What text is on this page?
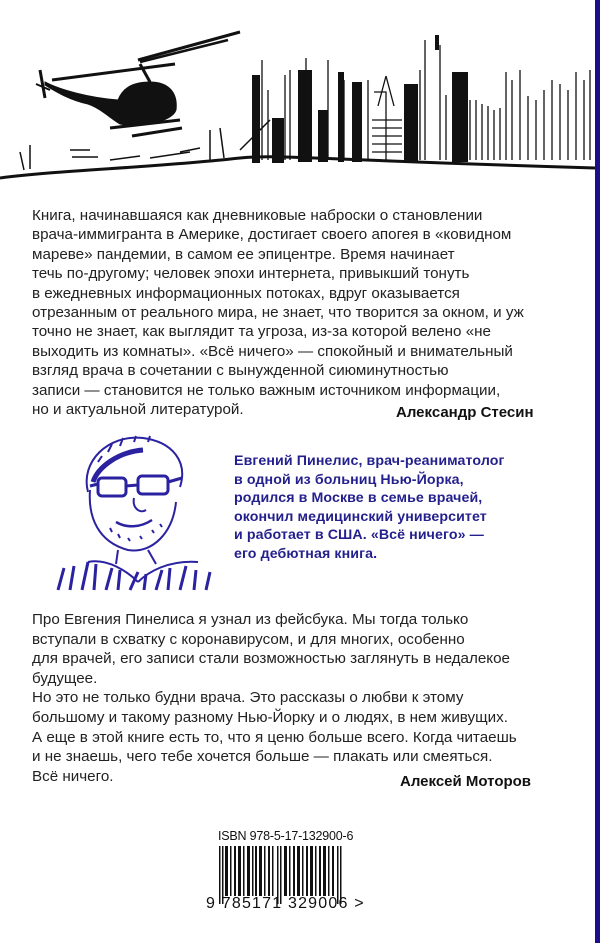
Книга, начинавшаяся как дневниковые наброски о становлении
врача-иммигранта в Америке, достигает своего апогея в «ковидном
мареве» пандемии, в самом ее эпицентре. Время начинает
течь по-другому; человек эпохи интернета, привыкший тонуть
в ежедневных информационных потоках, вдруг оказывается
отрезанным от реального мира, не знает, что творится за окном, и уж
точно не знает, как выглядит та угроза, из-за которой велено «не
выходить из комнаты». «Всё ничего» — спокойный и внимательный
взгляд врача в сочетании с вынужденной сиюминутностью
записи — становится не только важным источником информации,
но и актуальной литературой.	Александр Стесин
Евгений Пинелис, врач-реаниматолог
в одной из больниц Нью-Йорка,
родился в Москве в семье врачей,
окончил медицинский университет
и работает в США. «Всё ничего» —
его дебютная книга.
Про Евгения Пинелиса я узнал из фейсбука. Мы тогда только
вступали в схватку с коронавирусом, и для многих, особенно
для врачей, его записи стали возможностью заглянуть в недалекое
будущее.
Но это не только будни врача. Это рассказы о любви к этому
большому и такому разному Нью-Йорку и о людях, в нем живущих.
А еще в этой книге есть то, что я ценю больше всего. Когда читаешь
и не знаешь, чего тебе хочется больше — плакать или смеяться.
Всё ничего.	Алексей Моторов
ISBN 978-5-17-132900-6
9 785171 329006 >
